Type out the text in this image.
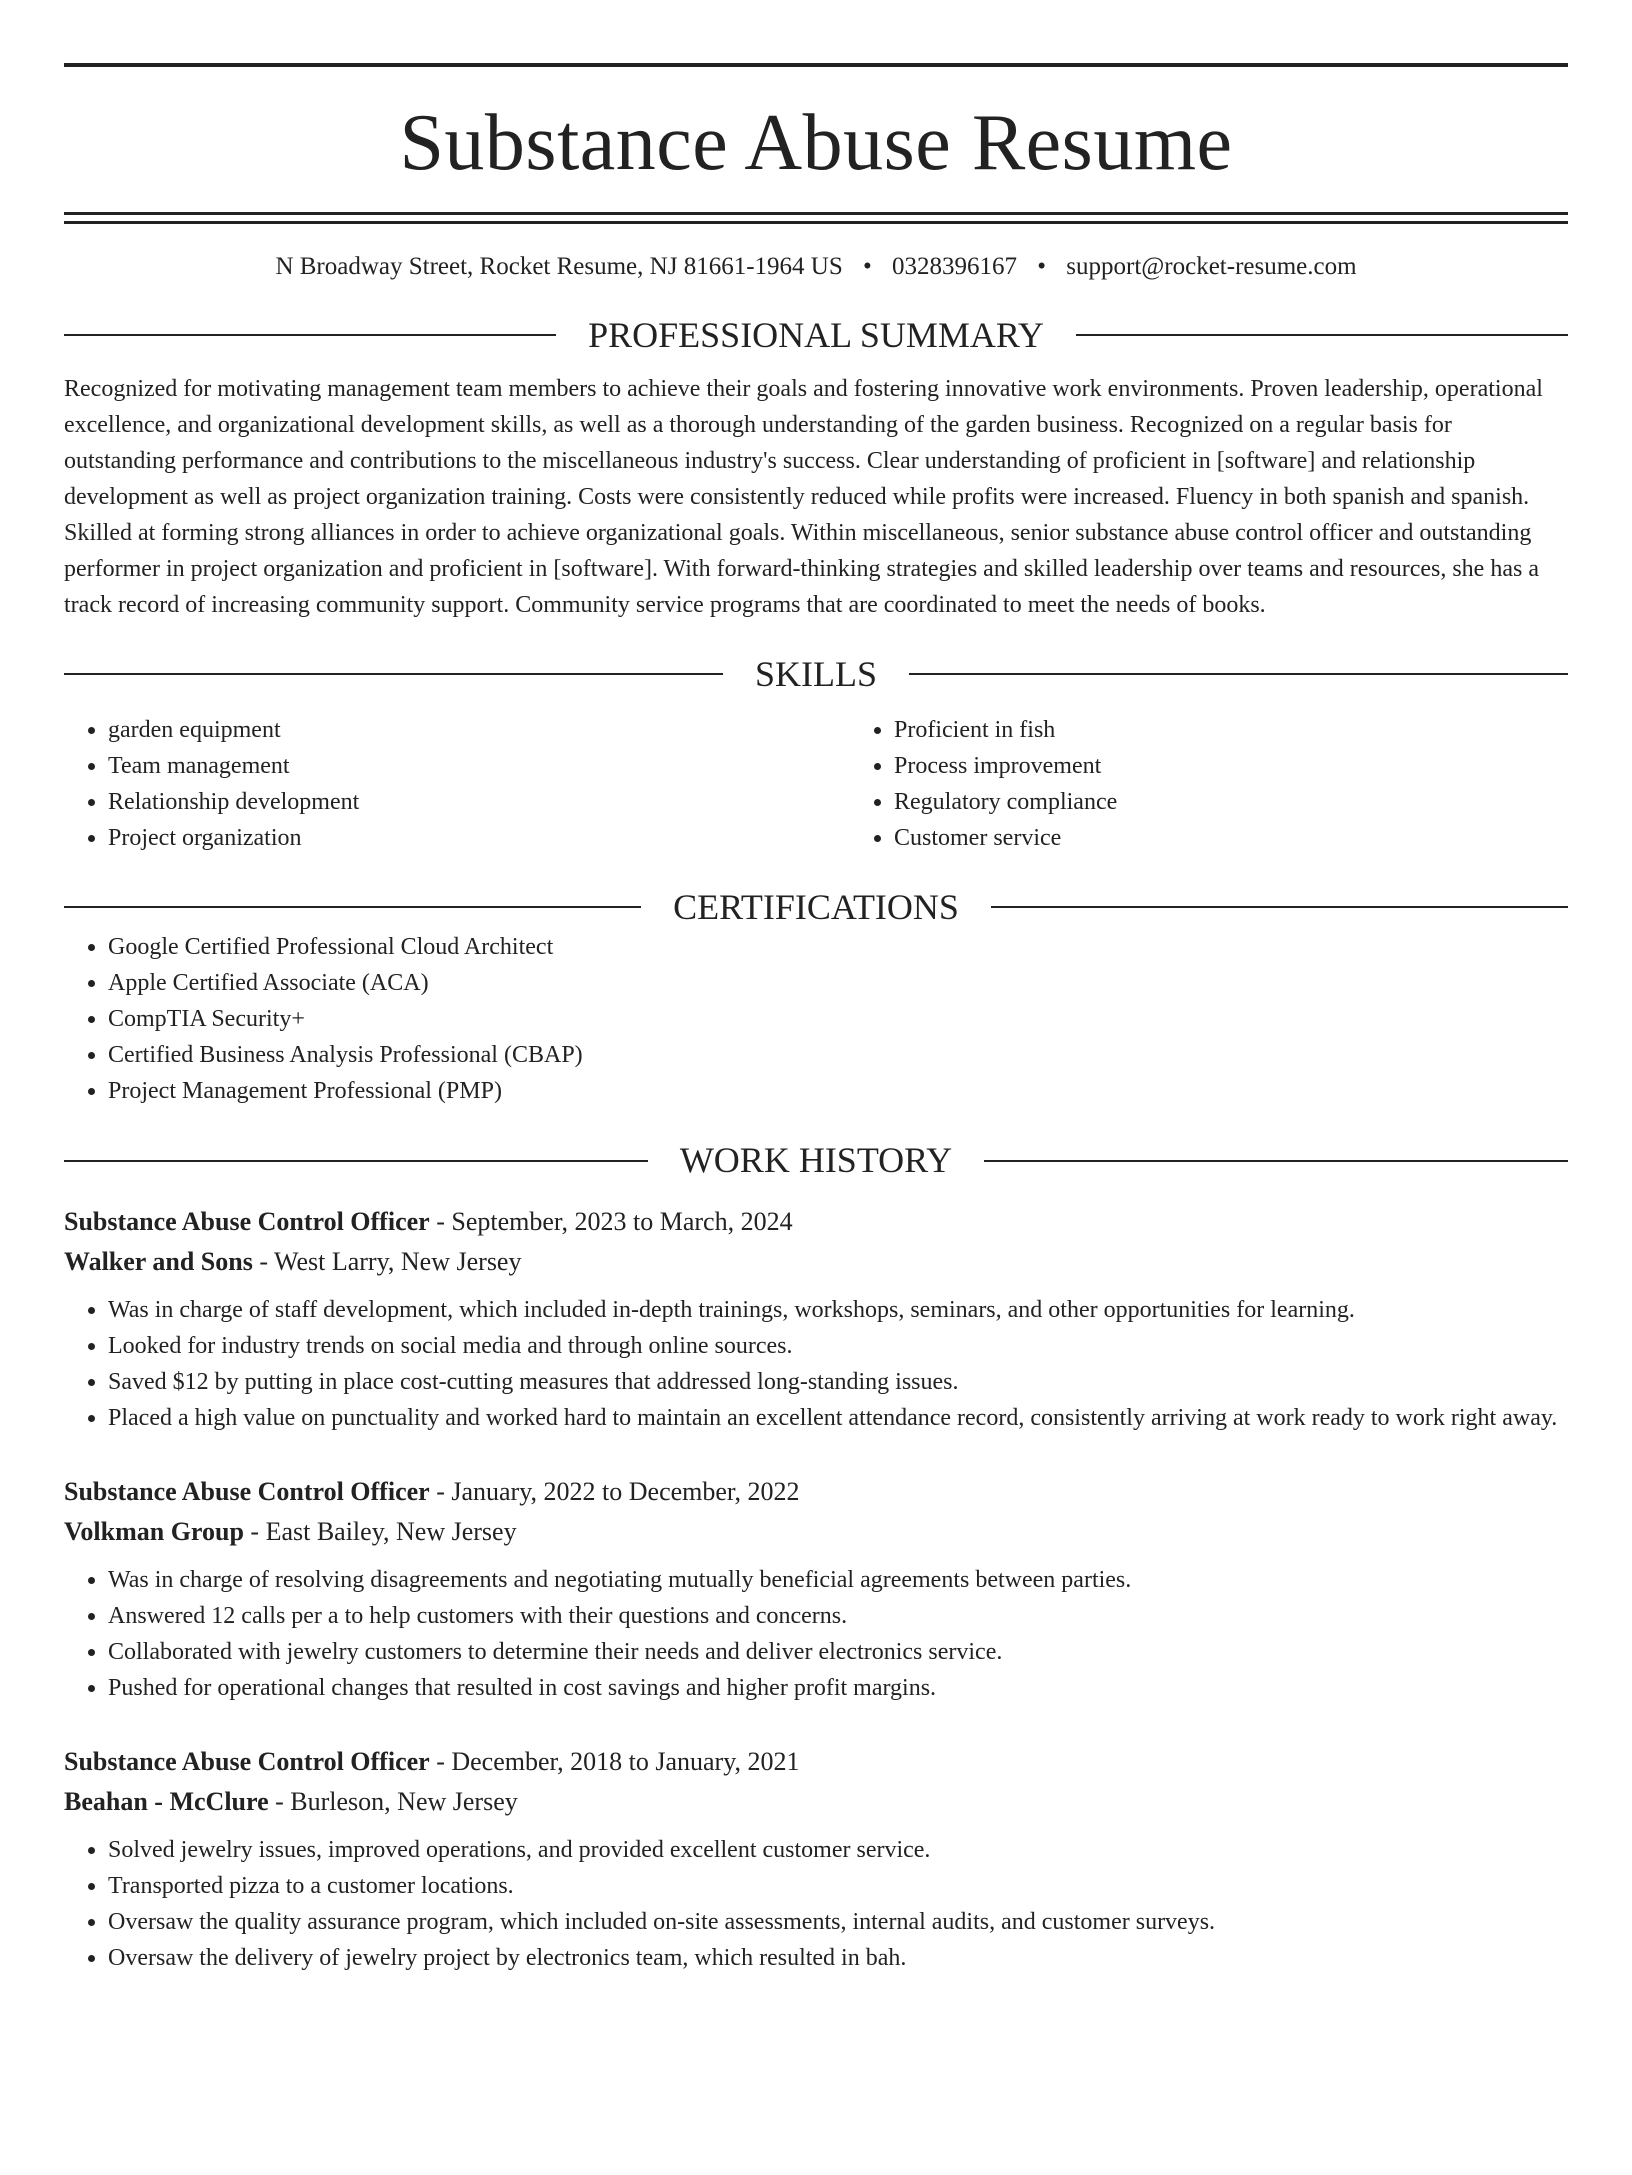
Substance Abuse Resume
N Broadway Street, Rocket Resume, NJ 81661-1964 US • 0328396167 • support@rocket-resume.com
PROFESSIONAL SUMMARY
Recognized for motivating management team members to achieve their goals and fostering innovative work environments. Proven leadership, operational excellence, and organizational development skills, as well as a thorough understanding of the garden business. Recognized on a regular basis for outstanding performance and contributions to the miscellaneous industry's success. Clear understanding of proficient in [software] and relationship development as well as project organization training. Costs were consistently reduced while profits were increased. Fluency in both spanish and spanish. Skilled at forming strong alliances in order to achieve organizational goals. Within miscellaneous, senior substance abuse control officer and outstanding performer in project organization and proficient in [software]. With forward-thinking strategies and skilled leadership over teams and resources, she has a track record of increasing community support. Community service programs that are coordinated to meet the needs of books.
SKILLS
• garden equipment
• Team management
• Relationship development
• Project organization
• Proficient in fish
• Process improvement
• Regulatory compliance
• Customer service
CERTIFICATIONS
• Google Certified Professional Cloud Architect
• Apple Certified Associate (ACA)
• CompTIA Security+
• Certified Business Analysis Professional (CBAP)
• Project Management Professional (PMP)
WORK HISTORY
Substance Abuse Control Officer - September, 2023 to March, 2024
Walker and Sons - West Larry, New Jersey
• Was in charge of staff development, which included in-depth trainings, workshops, seminars, and other opportunities for learning.
• Looked for industry trends on social media and through online sources.
• Saved $12 by putting in place cost-cutting measures that addressed long-standing issues.
• Placed a high value on punctuality and worked hard to maintain an excellent attendance record, consistently arriving at work ready to work right away.
Substance Abuse Control Officer - January, 2022 to December, 2022
Volkman Group - East Bailey, New Jersey
• Was in charge of resolving disagreements and negotiating mutually beneficial agreements between parties.
• Answered 12 calls per a to help customers with their questions and concerns.
• Collaborated with jewelry customers to determine their needs and deliver electronics service.
• Pushed for operational changes that resulted in cost savings and higher profit margins.
Substance Abuse Control Officer - December, 2018 to January, 2021
Beahan - McClure - Burleson, New Jersey
• Solved jewelry issues, improved operations, and provided excellent customer service.
• Transported pizza to a customer locations.
• Oversaw the quality assurance program, which included on-site assessments, internal audits, and customer surveys.
• Oversaw the delivery of jewelry project by electronics team, which resulted in bah.
